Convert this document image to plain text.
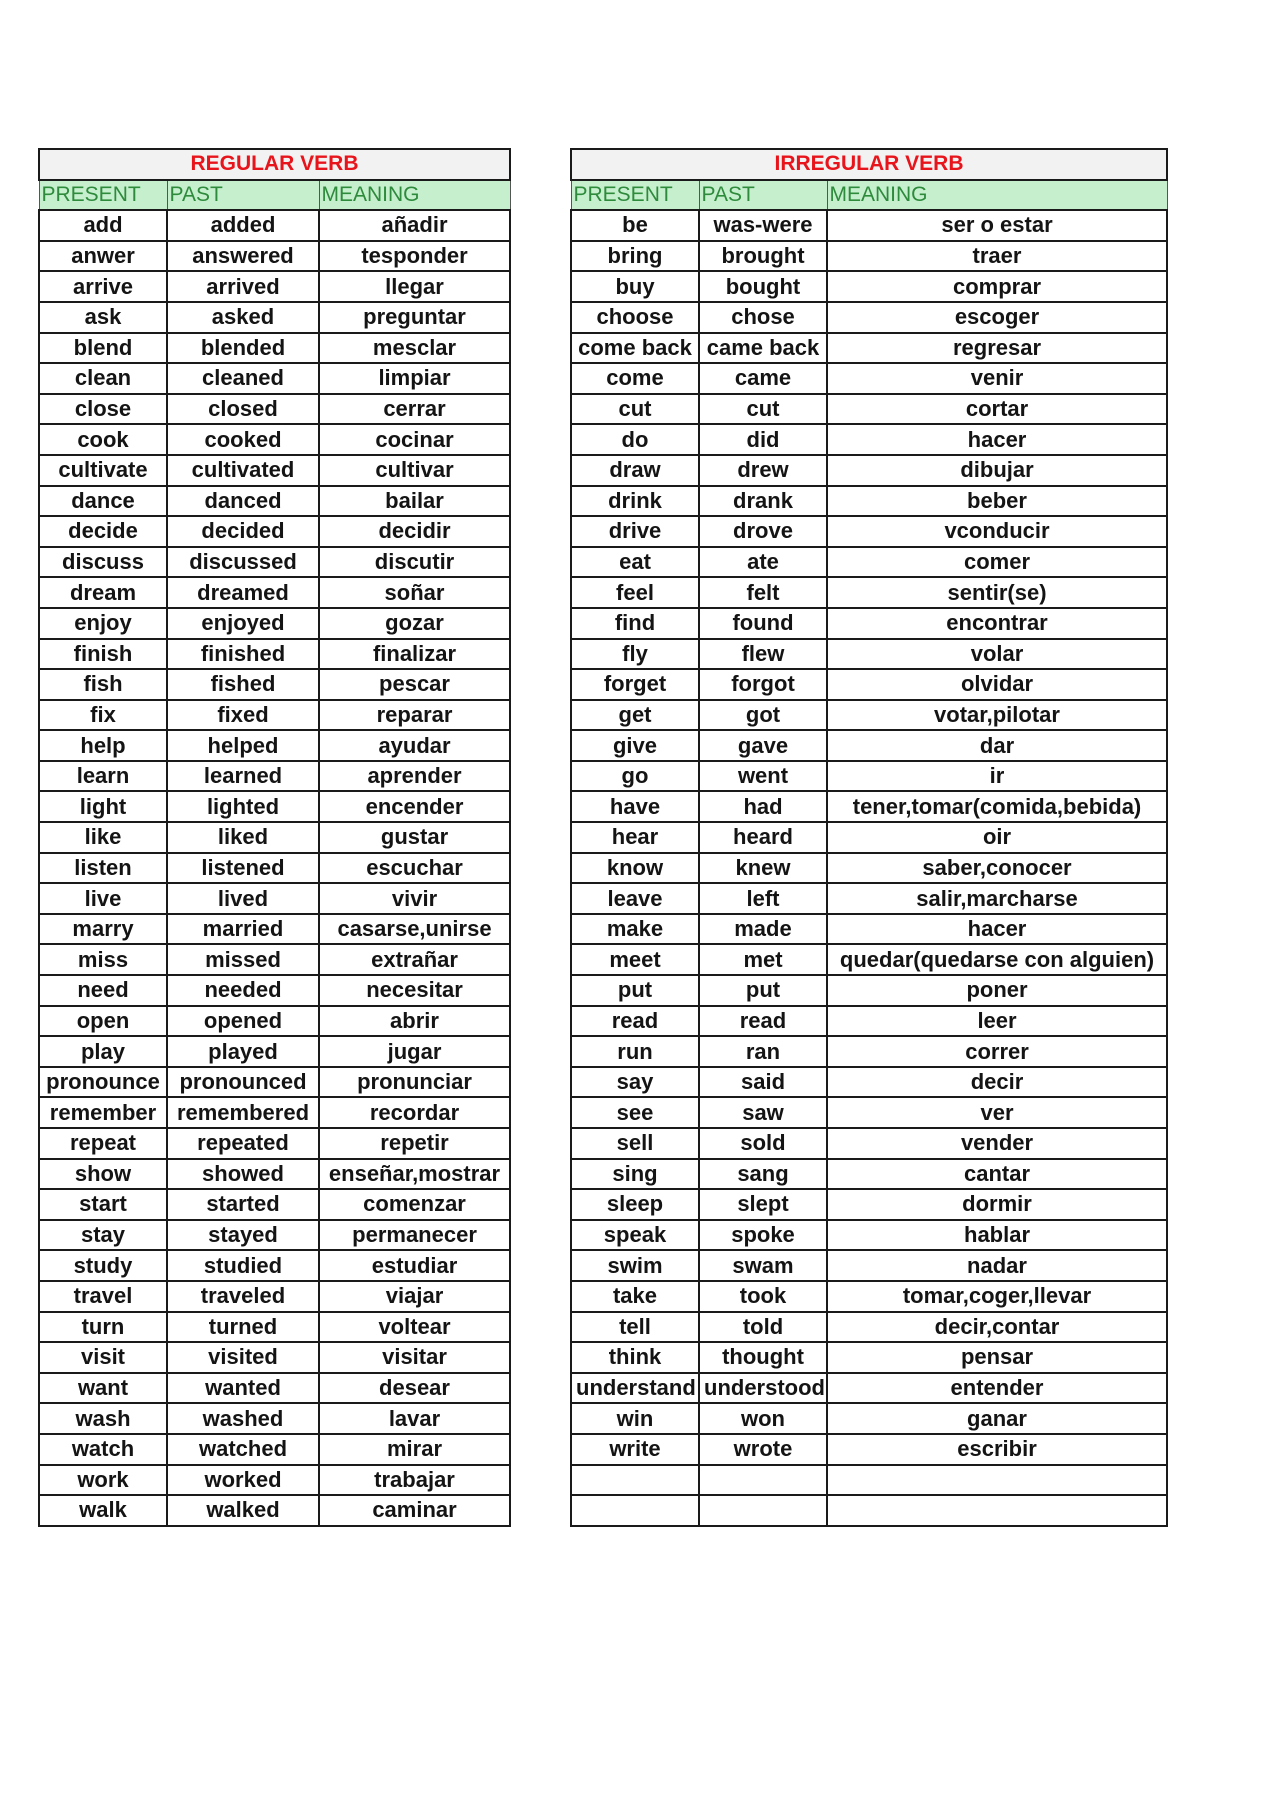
REGULAR VERB		
PRESENT	PAST	MEANING
add	added	añadir
anwer	answered	tesponder
arrive	arrived	llegar
ask	asked	preguntar
blend	blended	mesclar
clean	cleaned	limpiar
close	closed	cerrar
cook	cooked	cocinar
cultivate	cultivated	cultivar
dance	danced	bailar
decide	decided	decidir
discuss	discussed	discutir
dream	dreamed	soñar
enjoy	enjoyed	gozar
finish	finished	finalizar
fish	fished	pescar
fix	fixed	reparar
help	helped	ayudar
learn	learned	aprender
light	lighted	encender
like	liked	gustar
listen	listened	escuchar
live	lived	vivir
marry	married	casarse,unirse
miss	missed	extrañar
need	needed	necesitar
open	opened	abrir
play	played	jugar
pronounce	pronounced	pronunciar
remember	remembered	recordar
repeat	repeated	repetir
show	showed	enseñar,mostrar
start	started	comenzar
stay	stayed	permanecer
study	studied	estudiar
travel	traveled	viajar
turn	turned	voltear
visit	visited	visitar
want	wanted	desear
wash	washed	lavar
watch	watched	mirar
work	worked	trabajar
walk	walked	caminar
IRREGULAR VERB		
PRESENT	PAST	MEANING
be	was-were	ser o estar
bring	brought	traer
buy	bought	comprar
choose	chose	escoger
come back	came back	regresar
come	came	venir
cut	cut	cortar
do	did	hacer
draw	drew	dibujar
drink	drank	beber
drive	drove	vconducir
eat	ate	comer
feel	felt	sentir(se)
find	found	encontrar
fly	flew	volar
forget	forgot	olvidar
get	got	votar,pilotar
give	gave	dar
go	went	ir
have	had	tener,tomar(comida,bebida)
hear	heard	oir
know	knew	saber,conocer
leave	left	salir,marcharse
make	made	hacer
meet	met	quedar(quedarse con alguien)
put	put	poner
read	read	leer
run	ran	correr
say	said	decir
see	saw	ver
sell	sold	vender
sing	sang	cantar
sleep	slept	dormir
speak	spoke	hablar
swim	swam	nadar
take	took	tomar,coger,llevar
tell	told	decir,contar
think	thought	pensar
understand	understood	entender
win	won	ganar
write	wrote	escribir
